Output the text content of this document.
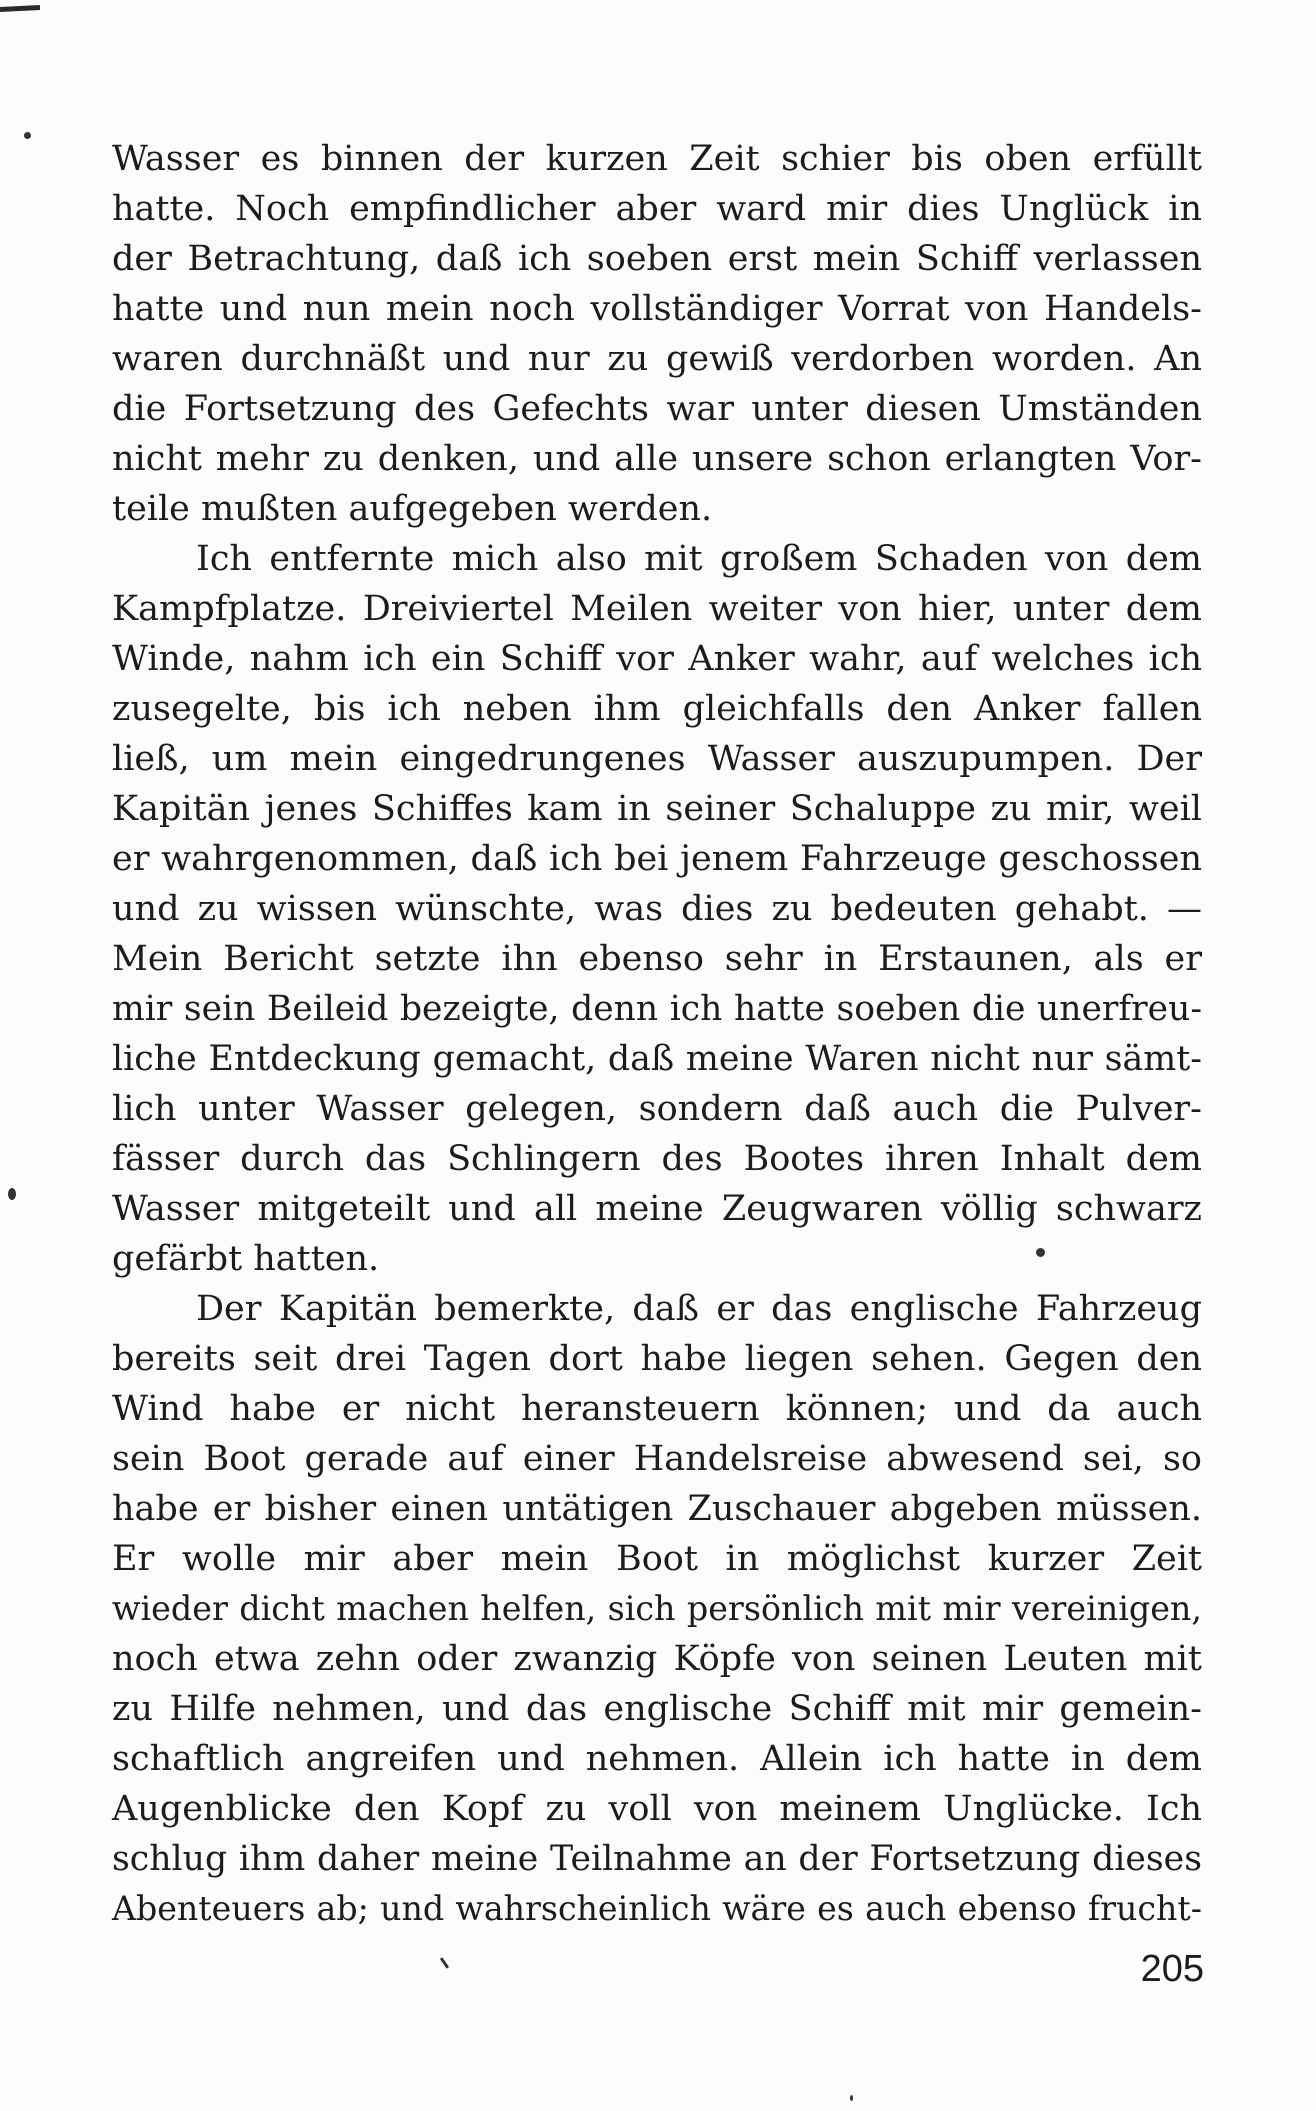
Wasser es binnen der kurzen Zeit schier bis oben erfüllt
hatte. Noch empfindlicher aber ward mir dies Unglück in
der Betrachtung, daß ich soeben erst mein Schiff verlassen
hatte und nun mein noch vollständiger Vorrat von Handels-
waren durchnäßt und nur zu gewiß verdorben worden. An
die Fortsetzung des Gefechts war unter diesen Umständen
nicht mehr zu denken, und alle unsere schon erlangten Vor-
teile mußten aufgegeben werden.
Ich entfernte mich also mit großem Schaden von dem
Kampfplatze. Dreiviertel Meilen weiter von hier, unter dem
Winde, nahm ich ein Schiff vor Anker wahr, auf welches ich
zusegelte, bis ich neben ihm gleichfalls den Anker fallen
ließ, um mein eingedrungenes Wasser auszupumpen. Der
Kapitän jenes Schiffes kam in seiner Schaluppe zu mir, weil
er wahrgenommen, daß ich bei jenem Fahrzeuge geschossen
und zu wissen wünschte, was dies zu bedeuten gehabt. —
Mein Bericht setzte ihn ebenso sehr in Erstaunen, als er
mir sein Beileid bezeigte, denn ich hatte soeben die unerfreu-
liche Entdeckung gemacht, daß meine Waren nicht nur sämt-
lich unter Wasser gelegen, sondern daß auch die Pulver-
fässer durch das Schlingern des Bootes ihren Inhalt dem
Wasser mitgeteilt und all meine Zeugwaren völlig schwarz
gefärbt hatten.
Der Kapitän bemerkte, daß er das englische Fahrzeug
bereits seit drei Tagen dort habe liegen sehen. Gegen den
Wind habe er nicht heransteuern können; und da auch
sein Boot gerade auf einer Handelsreise abwesend sei, so
habe er bisher einen untätigen Zuschauer abgeben müssen.
Er wolle mir aber mein Boot in möglichst kurzer Zeit
wieder dicht machen helfen, sich persönlich mit mir vereinigen,
noch etwa zehn oder zwanzig Köpfe von seinen Leuten mit
zu Hilfe nehmen, und das englische Schiff mit mir gemein-
schaftlich angreifen und nehmen. Allein ich hatte in dem
Augenblicke den Kopf zu voll von meinem Unglücke. Ich
schlug ihm daher meine Teilnahme an der Fortsetzung dieses
Abenteuers ab; und wahrscheinlich wäre es auch ebenso frucht-
205
